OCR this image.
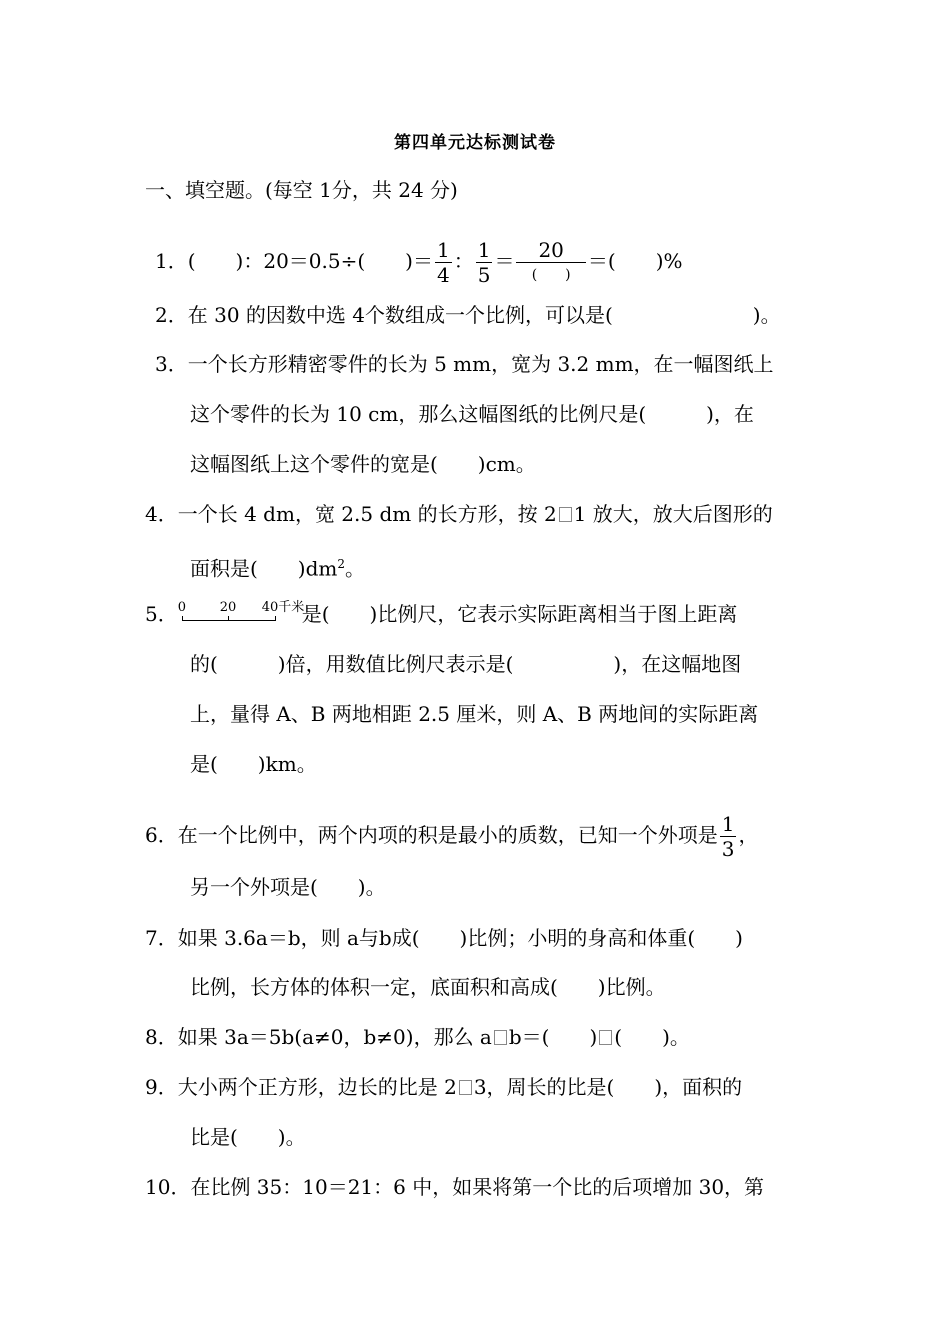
第四单元达标测试卷
一、填空题。(每空 1分，共 24 分)
1．(　　)：20＝0.5÷(　　)＝ $\frac{1}{4}$ ： $\frac{1}{5} = \frac{20}{( )}$ ＝(　　)%
2．在 30 的因数中选 4个数组成一个比例，可以是(　　　　　　　)。
3．一个长方形精密零件的长为 5 mm，宽为 3.2 mm，在一幅图纸上
这个零件的长为 10 cm，那么这幅图纸的比例尺是(　　　)，在
这幅图纸上这个零件的宽是(　　)cm。
4．一个长 4 dm，宽 2.5 dm 的长方形，按 2 1 放大，放大后图形的
面积是(　　)$dm^2$。
5． 0	20 40千米
是(　　)比例尺，它表示实际距离相当于图上距离
的(　　　)倍，用数值比例尺表示是(　　　　　)，在这幅地图
上，量得 A、B 两地相距 2.5 厘米，则 A、B 两地间的实际距离
是(　　)km。
6．在一个比例中，两个内项的积是最小的质数，已知一个外项是 $\frac{1}{3}$ ，
另一个外项是(　　)。
7．如果 3.6a＝b，则 a与b成(　　)比例；小明的身高和体重(　　)
比例，长方体的体积一定，底面积和高成(　　)比例。
8．如果 3a＝5b(a≠0，b≠0)，那么 a b＝(　　) (　　)。
9．大小两个正方形，边长的比是 2 3，周长的比是(　　)，面积的
比是(　　)。
10．在比例 35：10＝21：6 中，如果将第一个比的后项增加 30，第
